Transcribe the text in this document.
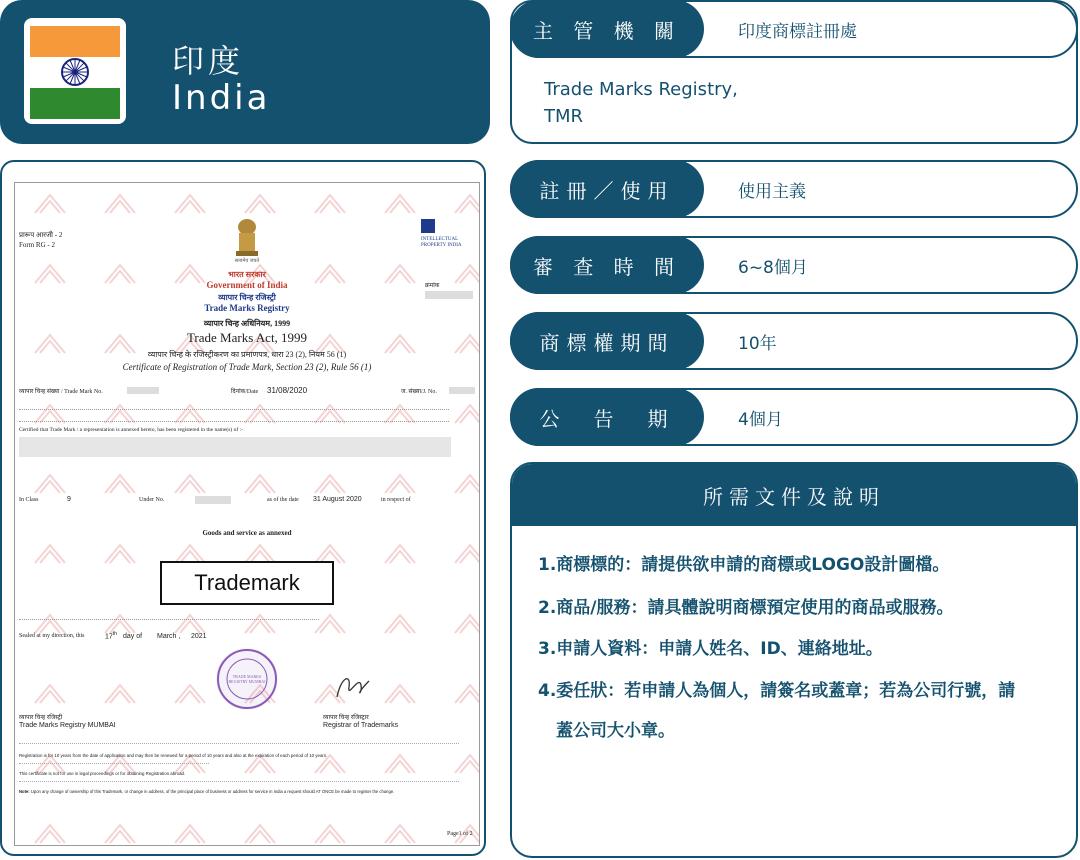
印度
India
主 管 機 關	印度商標註冊處
Trade Marks Registry,
TMR
註冊／使用	使用主義
審 查 時 間	6~8個月
商標權期間	10年
公　告　期	4個月
所需文件及說明
1.商標標的：請提供欲申請的商標或LOGO設計圖檔。
2.商品/服務：請具體說明商標預定使用的商品或服務。
3.申請人資料：申請人姓名、ID、連絡地址。
4.委任狀：若申請人為個人，請簽名或蓋章；若為公司行號，請
蓋公司大小章。
सत्यमेव जयते
INTELLECTUAL PROPERTY INDIA
प्रारूप आरजी - 2
Form RG - 2
भारत सरकार
Government of India
व्यापार चिन्ह रजिस्ट्री
Trade Marks Registry
व्यापार चिन्ह अधिनियम, 1999
Trade Marks Act, 1999
व्यापार चिन्ह के रजिस्ट्रीकरण का प्रमाणपत्र, धारा 23 (2), नियम 56 (1)
Certificate of Registration of Trade Mark, Section 23 (2), Rule 56 (1)
क्रमांक
व्यापार चिन्ह संख्या / Trade Mark No.	दिनांक/Date 31/08/2020	ज. संख्या/J. No.
Certified that Trade Mark / a representation is annexed hereto, has been registered in the name(s) of :-
In Class	9	Under No.	as of the date 31 August 2020	in respect of
Goods and service as annexed
Trademark
Sealed at my direction, this	17th day of March , 2021
TRADE MARKS REGISTRY MUMBAI
व्यापार चिन्ह रजिस्ट्री
Trade Marks Registry MUMBAI
व्यापार चिन्ह रजिस्ट्रार
Registrar of Trademarks
Registration is for 10 years from the date of application and may then be renewed for a period of 10 years and also at the expiration of each period of 10 years.
This certificate is not for use in legal proceedings or for obtaining Registration abroad.
Note: Upon any change of ownership of this Trademark, or change in address, of the principal place of business or address for service in India a request should AT ONCE be made to register the change.
Page1 of 2
